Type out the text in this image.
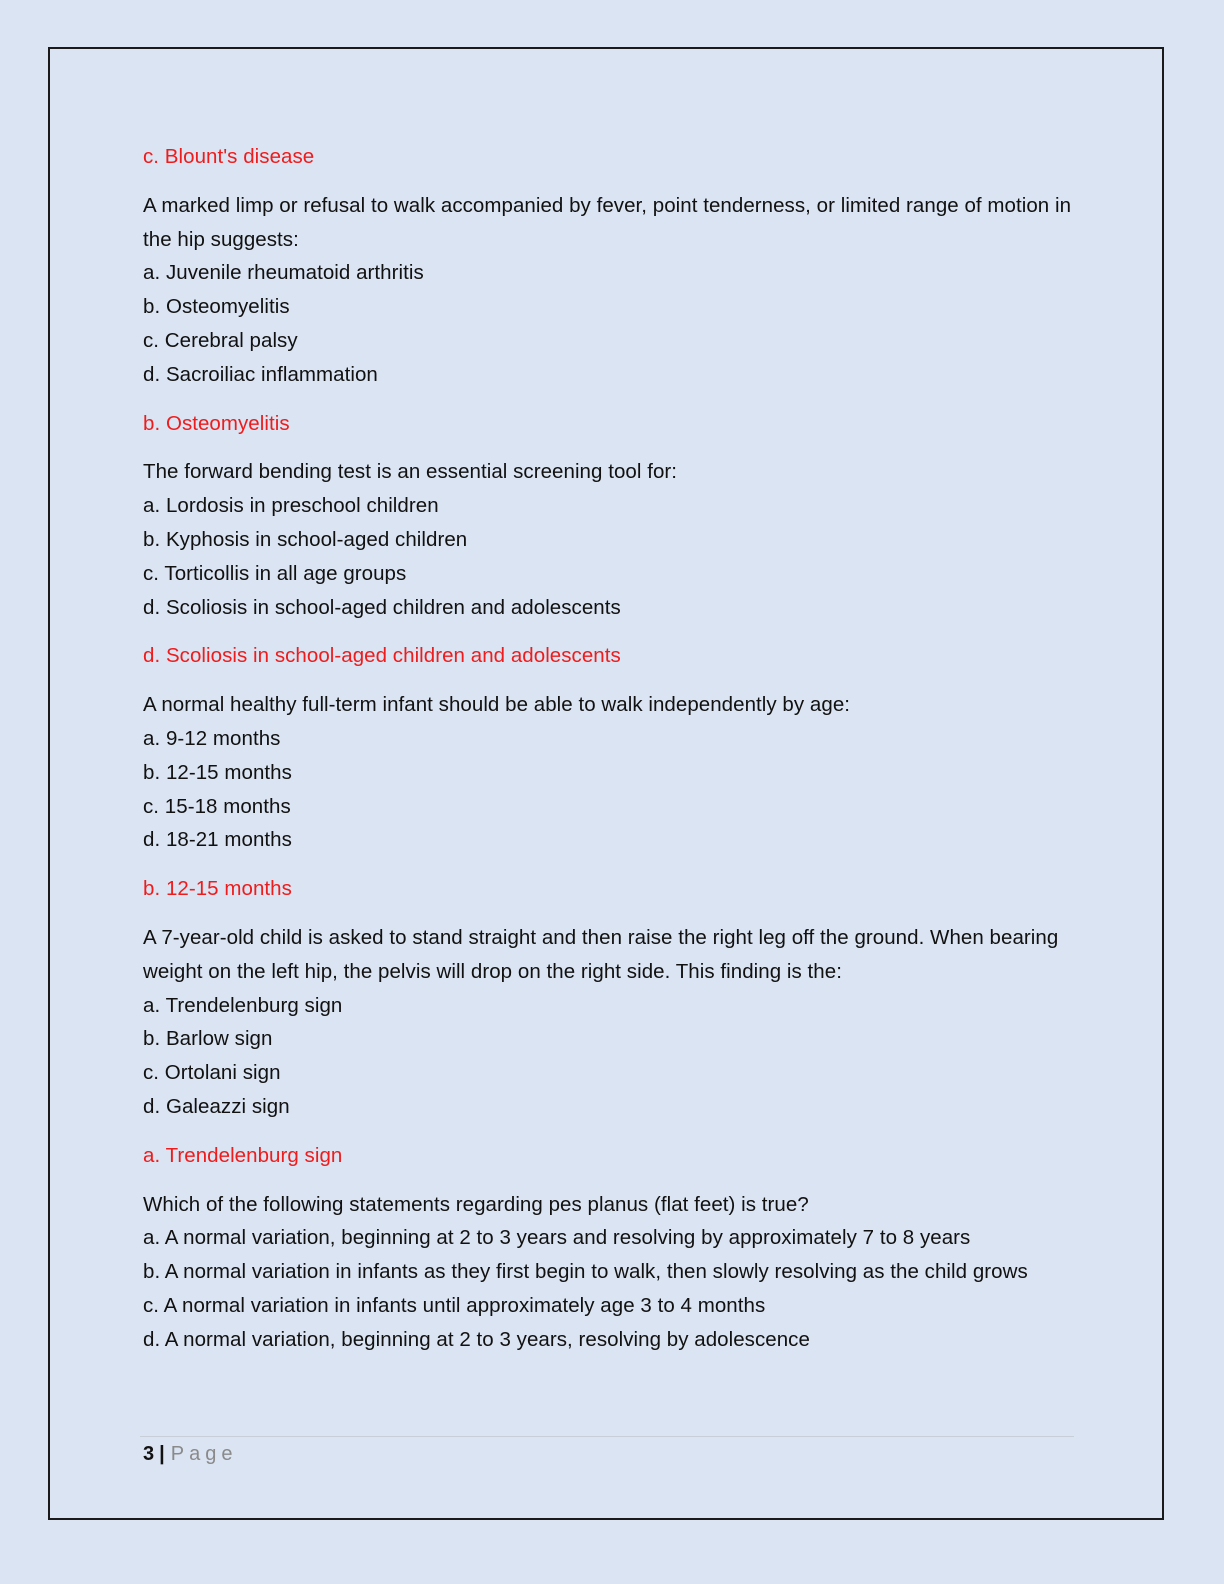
c. Blount's disease
A marked limp or refusal to walk accompanied by fever, point tenderness, or limited range of motion in the hip suggests:
a. Juvenile rheumatoid arthritis
b. Osteomyelitis
c. Cerebral palsy
d. Sacroiliac inflammation
b. Osteomyelitis
The forward bending test is an essential screening tool for:
a. Lordosis in preschool children
b. Kyphosis in school-aged children
c. Torticollis in all age groups
d. Scoliosis in school-aged children and adolescents
d. Scoliosis in school-aged children and adolescents
A normal healthy full-term infant should be able to walk independently by age:
a. 9-12 months
b. 12-15 months
c. 15-18 months
d. 18-21 months
b. 12-15 months
A 7-year-old child is asked to stand straight and then raise the right leg off the ground. When bearing weight on the left hip, the pelvis will drop on the right side. This finding is the:
a. Trendelenburg sign
b. Barlow sign
c. Ortolani sign
d. Galeazzi sign
a. Trendelenburg sign
Which of the following statements regarding pes planus (flat feet) is true?
a. A normal variation, beginning at 2 to 3 years and resolving by approximately 7 to 8 years
b. A normal variation in infants as they first begin to walk, then slowly resolving as the child grows
c. A normal variation in infants until approximately age 3 to 4 months
d. A normal variation, beginning at 2 to 3 years, resolving by adolescence
3 | Page
